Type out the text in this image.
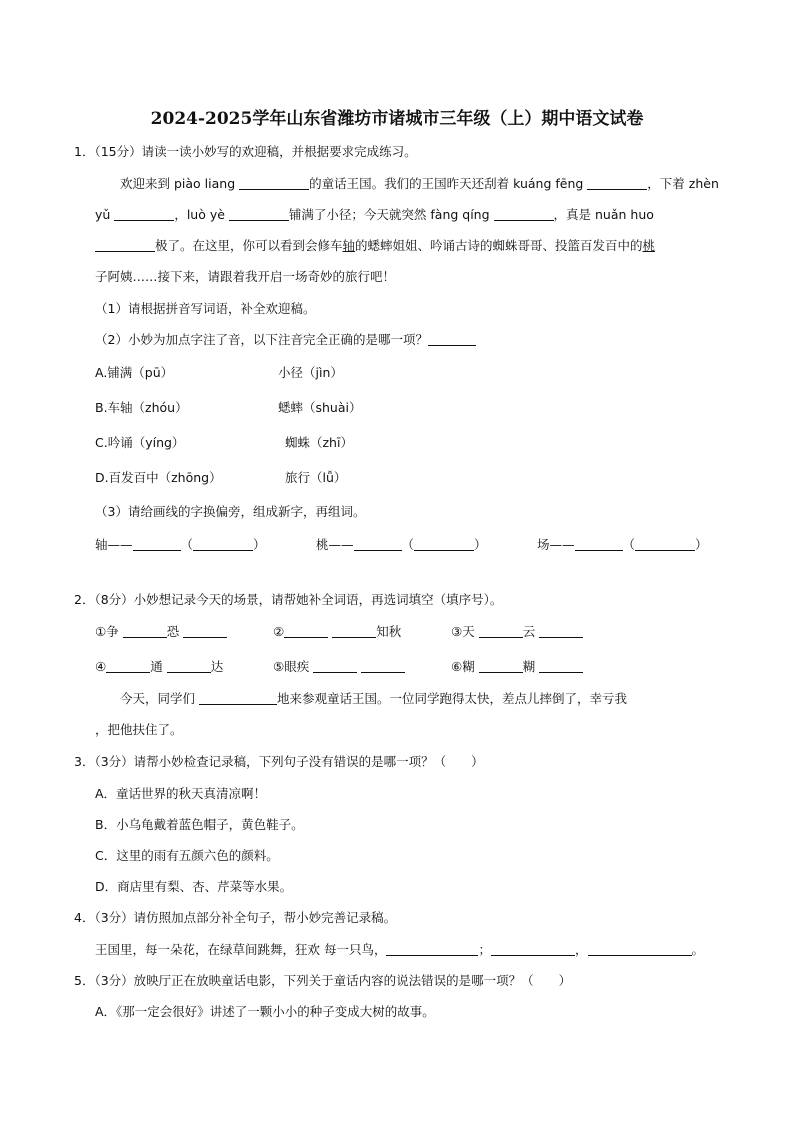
2024-2025学年山东省潍坊市诸城市三年级（上）期中语文试卷
1．（15分）请读一读小妙写的欢迎稿，并根据要求完成练习。
欢迎来到 piào liang	的童话王国。我们的王国昨天还刮着 kuáng fēng	，下着 zhèn
yǔ	，luò yè	铺满了小径；今天就突然 fàng qíng	，真是 nuǎn huo
极了。在这里，你可以看到会修车轴的蟋蟀姐姐、吟诵古诗的蜘蛛哥哥、投篮百发百中的桃
子阿姨……接下来，请跟着我开启一场奇妙的旅行吧！
（1）请根据拼音写词语，补全欢迎稿。
（2）小妙为加点字注了音，以下注音完全正确的是哪一项？
A.铺满（pū）	小径（jìn）
B.车轴（zhóu）	蟋蟀（shuài）
C.吟诵（yíng）	蜘蛛（zhī）
D.百发百中（zhōng）	旅行（lǚ）
（3）请给画线的字换偏旁，组成新字，再组词。
轴——	（	）	桃——	（	）	场——	（	）
2．（8分）小妙想记录今天的场景，请帮她补全词语，再选词填空（填序号）。
①争	恐	②	知秋	③天	云
④	通	达	⑤眼疾	⑥糊	糊
今天，同学们	地来参观童话王国。一位同学跑得太快，差点儿摔倒了，幸亏我
，把他扶住了。
3．（3分）请帮小妙检查记录稿，下列句子没有错误的是哪一项？（　　）
A．童话世界的秋天真清凉啊！
B．小乌龟戴着蓝色帽子，黄色鞋子。
C．这里的雨有五颜六色的颜料。
D．商店里有梨、杏、芹菜等水果。
4．（3分）请仿照加点部分补全句子，帮小妙完善记录稿。
王国里，每一朵花，在绿草间跳舞，狂欢 每一只鸟，	；	，	。
5．（3分）放映厅正在放映童话电影，下列关于童话内容的说法错误的是哪一项？（　　）
A．《那一定会很好》讲述了一颗小小的种子变成大树的故事。
